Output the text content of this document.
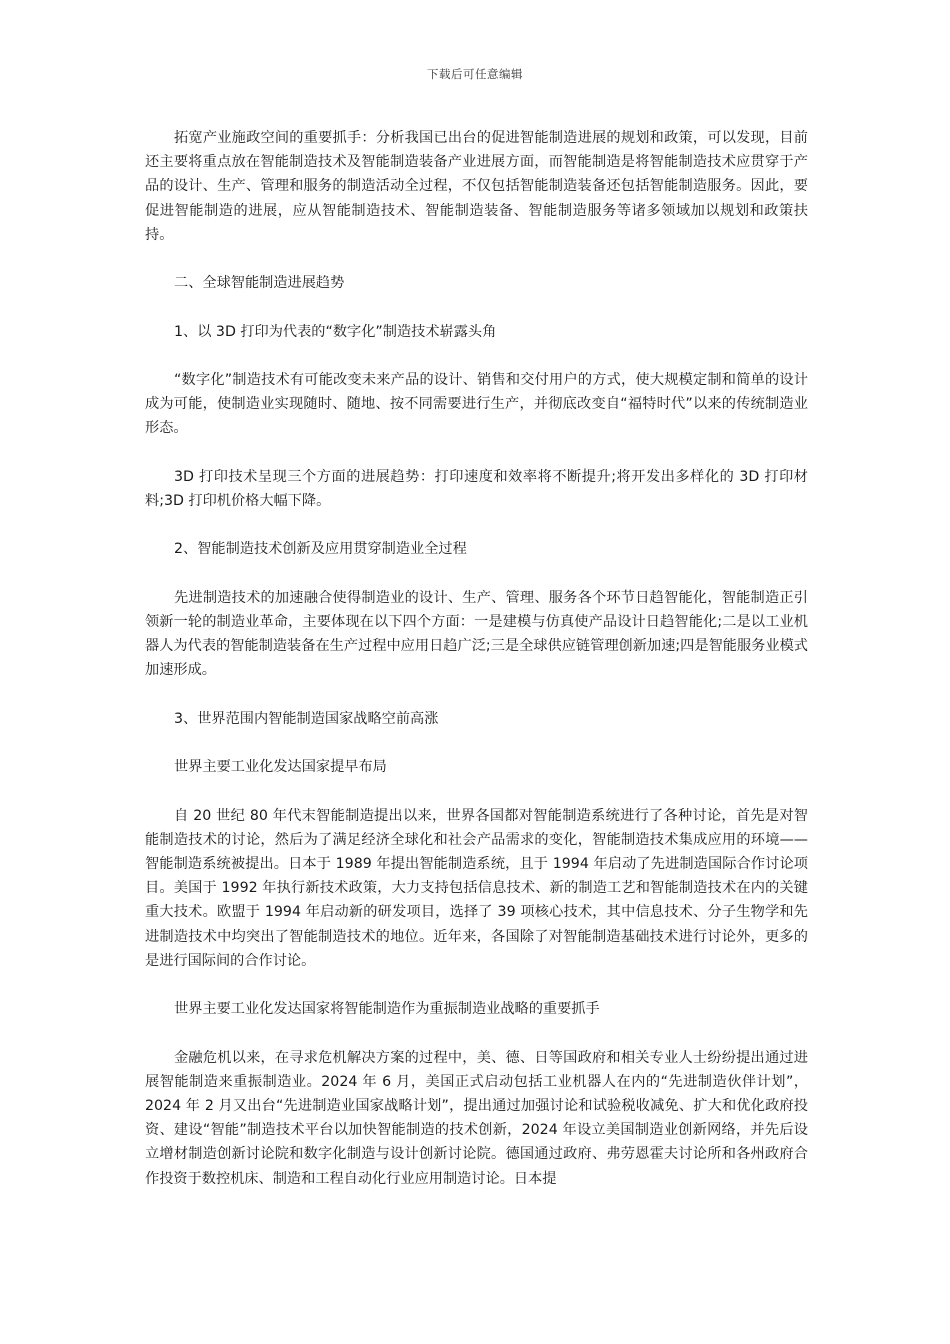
下载后可任意编辑

拓宽产业施政空间的重要抓手：分析我国已出台的促进智能制造进展的规划和政策，可以发现，目前还主要将重点放在智能制造技术及智能制造装备产业进展方面，而智能制造是将智能制造技术应贯穿于产品的设计、生产、管理和服务的制造活动全过程，不仅包括智能制造装备还包括智能制造服务。因此，要促进智能制造的进展，应从智能制造技术、智能制造装备、智能制造服务等诸多领域加以规划和政策扶持。

二、全球智能制造进展趋势

1、以 3D 打印为代表的“数字化”制造技术崭露头角

“数字化”制造技术有可能改变未来产品的设计、销售和交付用户的方式，使大规模定制和简单的设计成为可能，使制造业实现随时、随地、按不同需要进行生产，并彻底改变自“福特时代”以来的传统制造业形态。

3D 打印技术呈现三个方面的进展趋势：打印速度和效率将不断提升;将开发出多样化的 3D 打印材料;3D 打印机价格大幅下降。

2、智能制造技术创新及应用贯穿制造业全过程

先进制造技术的加速融合使得制造业的设计、生产、管理、服务各个环节日趋智能化，智能制造正引领新一轮的制造业革命，主要体现在以下四个方面：一是建模与仿真使产品设计日趋智能化;二是以工业机器人为代表的智能制造装备在生产过程中应用日趋广泛;三是全球供应链管理创新加速;四是智能服务业模式加速形成。

3、世界范围内智能制造国家战略空前高涨

世界主要工业化发达国家提早布局

自 20 世纪 80 年代末智能制造提出以来，世界各国都对智能制造系统进行了各种讨论，首先是对智能制造技术的讨论，然后为了满足经济全球化和社会产品需求的变化，智能制造技术集成应用的环境——智能制造系统被提出。日本于 1989 年提出智能制造系统，且于 1994 年启动了先进制造国际合作讨论项目。美国于 1992 年执行新技术政策，大力支持包括信息技术、新的制造工艺和智能制造技术在内的关键重大技术。欧盟于 1994 年启动新的研发项目，选择了 39 项核心技术，其中信息技术、分子生物学和先进制造技术中均突出了智能制造技术的地位。近年来，各国除了对智能制造基础技术进行讨论外，更多的是进行国际间的合作讨论。

世界主要工业化发达国家将智能制造作为重振制造业战略的重要抓手

金融危机以来，在寻求危机解决方案的过程中，美、德、日等国政府和相关专业人士纷纷提出通过进展智能制造来重振制造业。2024 年 6 月，美国正式启动包括工业机器人在内的“先进制造伙伴计划”，2024 年 2 月又出台“先进制造业国家战略计划”，提出通过加强讨论和试验税收减免、扩大和优化政府投资、建设“智能”制造技术平台以加快智能制造的技术创新，2024 年设立美国制造业创新网络，并先后设立增材制造创新讨论院和数字化制造与设计创新讨论院。德国通过政府、弗劳恩霍夫讨论所和各州政府合作投资于数控机床、制造和工程自动化行业应用制造讨论。日本提
